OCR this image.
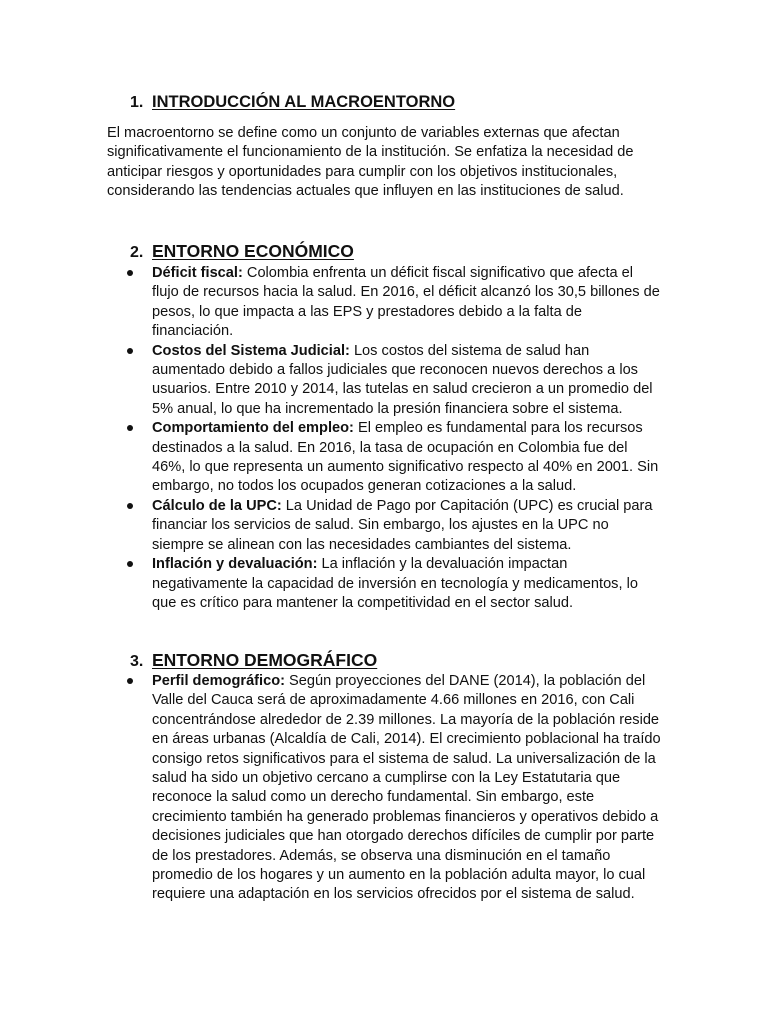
1. INTRODUCCIÓN AL MACROENTORNO

El macroentorno se define como un conjunto de variables externas que afectan significativamente el funcionamiento de la institución. Se enfatiza la necesidad de anticipar riesgos y oportunidades para cumplir con los objetivos institucionales, considerando las tendencias actuales que influyen en las instituciones de salud.

2. ENTORNO ECONÓMICO
Déficit fiscal: Colombia enfrenta un déficit fiscal significativo que afecta el flujo de recursos hacia la salud. En 2016, el déficit alcanzó los 30,5 billones de pesos, lo que impacta a las EPS y prestadores debido a la falta de financiación.
Costos del Sistema Judicial: Los costos del sistema de salud han aumentado debido a fallos judiciales que reconocen nuevos derechos a los usuarios. Entre 2010 y 2014, las tutelas en salud crecieron a un promedio del 5% anual, lo que ha incrementado la presión financiera sobre el sistema.
Comportamiento del empleo: El empleo es fundamental para los recursos destinados a la salud. En 2016, la tasa de ocupación en Colombia fue del 46%, lo que representa un aumento significativo respecto al 40% en 2001. Sin embargo, no todos los ocupados generan cotizaciones a la salud.
Cálculo de la UPC: La Unidad de Pago por Capitación (UPC) es crucial para financiar los servicios de salud. Sin embargo, los ajustes en la UPC no siempre se alinean con las necesidades cambiantes del sistema.
Inflación y devaluación: La inflación y la devaluación impactan negativamente la capacidad de inversión en tecnología y medicamentos, lo que es crítico para mantener la competitividad en el sector salud.
3. ENTORNO DEMOGRÁFICO
Perfil demográfico: Según proyecciones del DANE (2014), la población del Valle del Cauca será de aproximadamente 4.66 millones en 2016, con Cali concentrándose alrededor de 2.39 millones. La mayoría de la población reside en áreas urbanas (Alcaldía de Cali, 2014). El crecimiento poblacional ha traído consigo retos significativos para el sistema de salud. La universalización de la salud ha sido un objetivo cercano a cumplirse con la Ley Estatutaria que reconoce la salud como un derecho fundamental. Sin embargo, este crecimiento también ha generado problemas financieros y operativos debido a decisiones judiciales que han otorgado derechos difíciles de cumplir por parte de los prestadores. Además, se observa una disminución en el tamaño promedio de los hogares y un aumento en la población adulta mayor, lo cual requiere una adaptación en los servicios ofrecidos por el sistema de salud.
